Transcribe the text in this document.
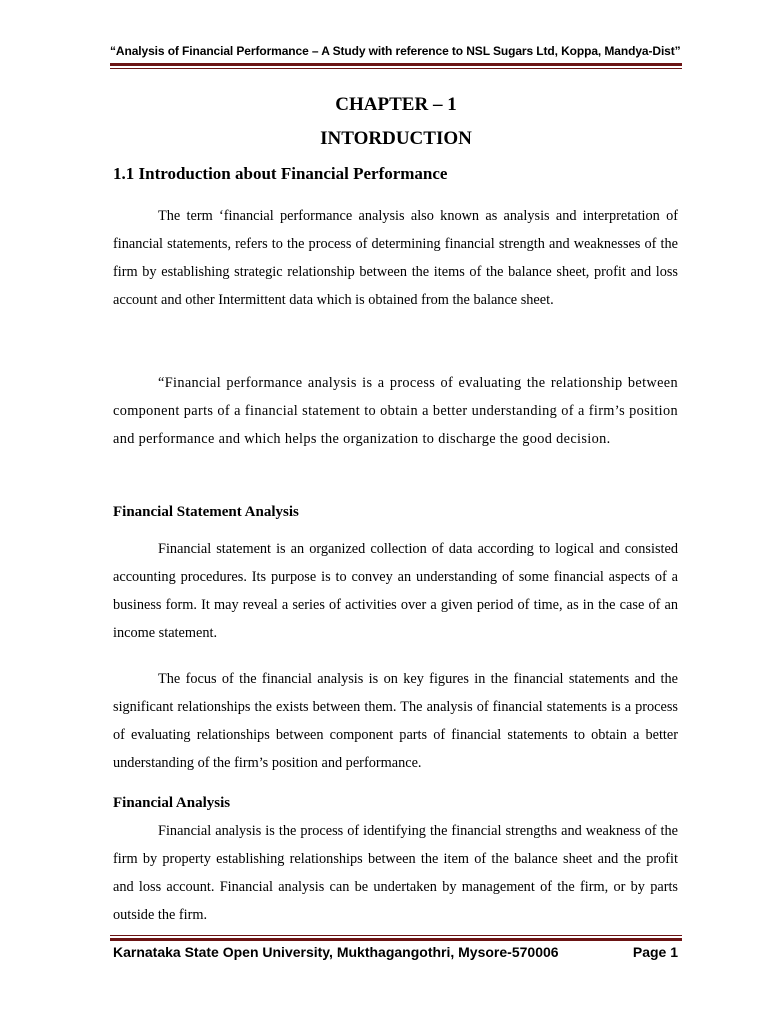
“Analysis of Financial Performance – A Study with reference to NSL Sugars Ltd, Koppa, Mandya-Dist”
CHAPTER – 1
INTORDUCTION
1.1 Introduction about Financial Performance

The term ‘financial performance analysis also known as analysis and interpretation of financial statements, refers to the process of determining financial strength and weaknesses of the firm by establishing strategic relationship between the items of the balance sheet, profit and loss account and other Intermittent data which is obtained from the balance sheet.

“Financial performance analysis is a process of evaluating the relationship between component parts of a financial statement to obtain a better understanding of a firm’s position and performance and which helps the organization to discharge the good decision.

Financial Statement Analysis

Financial statement is an organized collection of data according to logical and consisted accounting procedures. Its purpose is to convey an understanding of some financial aspects of a business form. It may reveal a series of activities over a given period of time, as in the case of an income statement.

The focus of the financial analysis is on key figures in the financial statements and the significant relationships the exists between them. The analysis of financial statements is a process of evaluating relationships between component parts of financial statements to obtain a better understanding of the firm’s position and performance.

Financial Analysis

Financial analysis is the process of identifying the financial strengths and weakness of the firm by property establishing relationships between the item of the balance sheet and the profit and loss account. Financial analysis can be undertaken by management of the firm, or by parts outside the firm.

Karnataka State Open University, Mukthagangothri, Mysore-570006	Page 1
